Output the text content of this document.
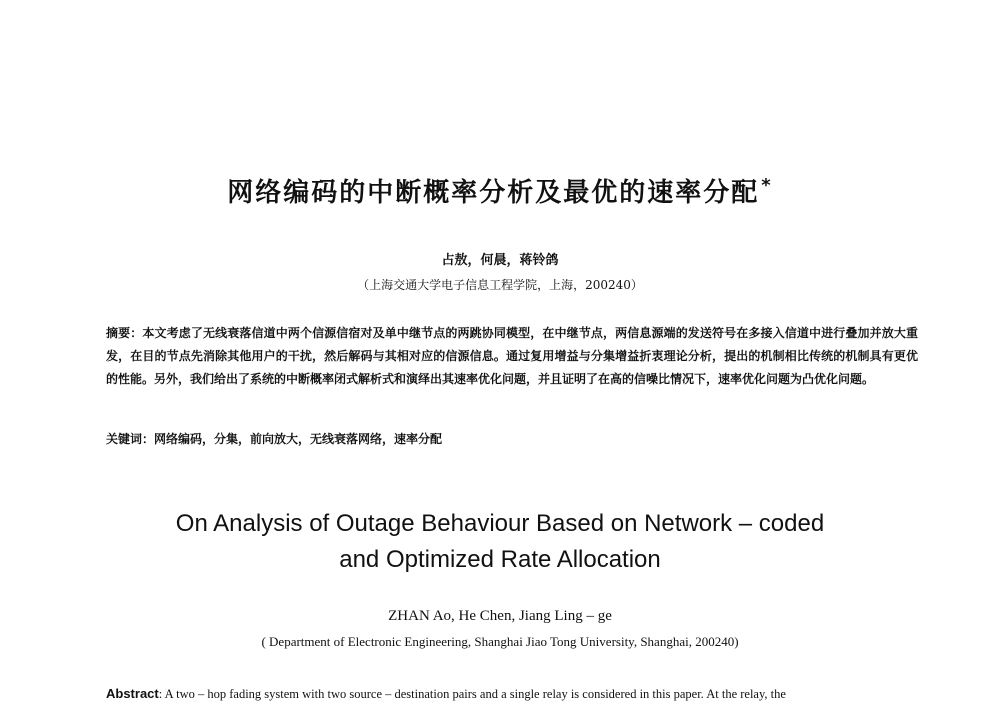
网络编码的中断概率分析及最优的速率分配 *
占敖，何晨，蒋铃鸽
（上海交通大学电子信息工程学院，上海，200240）
摘要：本文考虑了无线衰落信道中两个信源信宿对及单中继节点的两跳协同模型，在中继节点，两信息源端的发送符号在多接入信道中进行叠加并放大重发，在目的节点先消除其他用户的干扰，然后解码与其相对应的信源信息。通过复用增益与分集增益折衷理论分析，提出的机制相比传统的机制具有更优的性能。另外，我们给出了系统的中断概率闭式解析式和演绎出其速率优化问题，并且证明了在高的信噪比情况下，速率优化问题为凸优化问题。
关键词：网络编码，分集，前向放大，无线衰落网络，速率分配
On Analysis of Outage Behaviour Based on Network – coded
and Optimized Rate Allocation
ZHAN Ao, He Chen, Jiang Ling – ge
( Department of Electronic Engineering, Shanghai Jiao Tong University, Shanghai, 200240)
Abstract: A two – hop fading system with two source – destination pairs and a single relay is considered in this paper. At the relay, the
